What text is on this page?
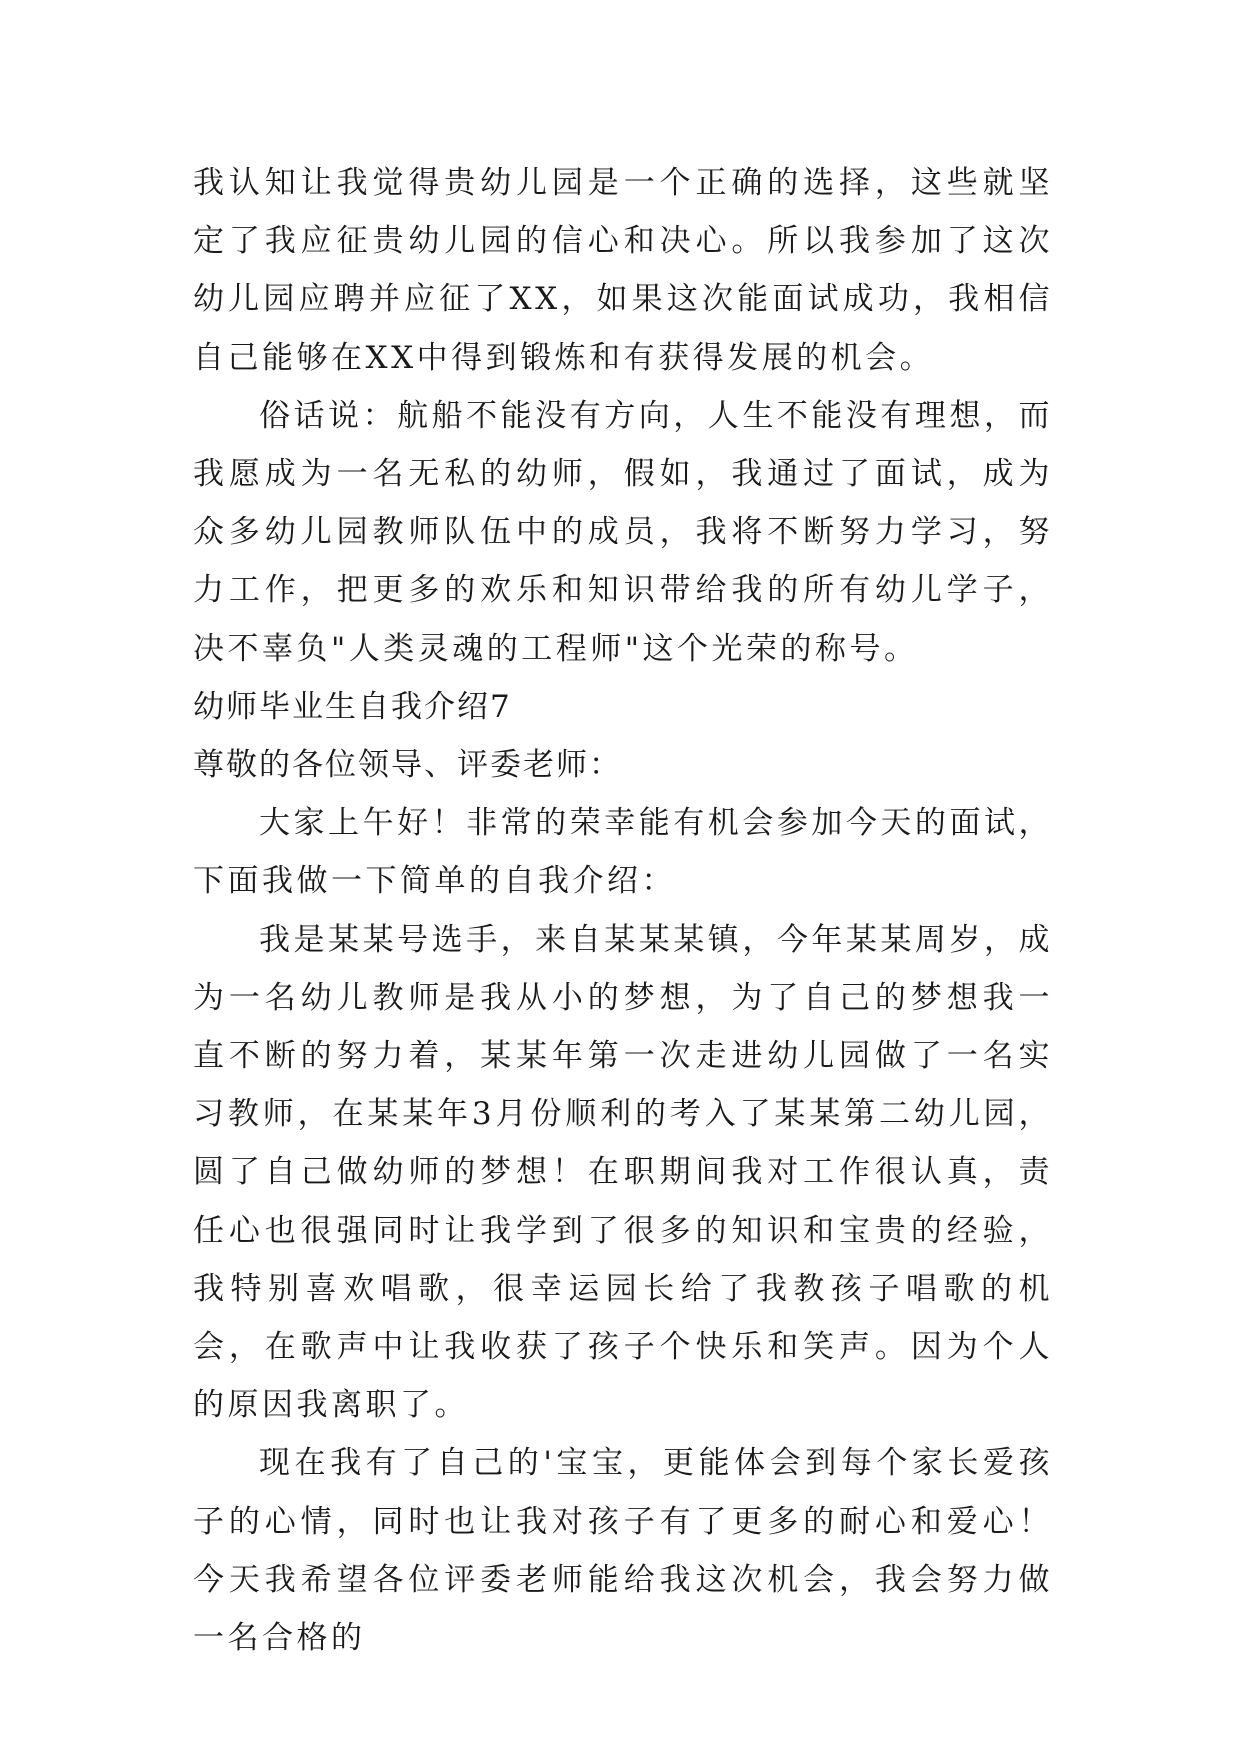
我认知让我觉得贵幼儿园是一个正确的选择，这些就坚定了我应征贵幼儿园的信心和决心。所以我参加了这次幼儿园应聘并应征了XX，如果这次能面试成功，我相信自己能够在XX中得到锻炼和有获得发展的机会。

俗话说：航船不能没有方向，人生不能没有理想，而我愿成为一名无私的幼师，假如，我通过了面试，成为众多幼儿园教师队伍中的成员，我将不断努力学习，努力工作，把更多的欢乐和知识带给我的所有幼儿学子，决不辜负"人类灵魂的工程师"这个光荣的称号。

幼师毕业生自我介绍7

尊敬的各位领导、评委老师：

大家上午好！非常的荣幸能有机会参加今天的面试，下面我做一下简单的自我介绍：

我是某某号选手，来自某某某镇，今年某某周岁，成为一名幼儿教师是我从小的梦想，为了自己的梦想我一直不断的努力着，某某年第一次走进幼儿园做了一名实习教师，在某某年3月份顺利的考入了某某第二幼儿园，圆了自己做幼师的梦想！在职期间我对工作很认真，责任心也很强同时让我学到了很多的知识和宝贵的经验，我特别喜欢唱歌，很幸运园长给了我教孩子唱歌的机会，在歌声中让我收获了孩子个快乐和笑声。因为个人的原因我离职了。

现在我有了自己的'宝宝，更能体会到每个家长爱孩子的心情，同时也让我对孩子有了更多的耐心和爱心！今天我希望各位评委老师能给我这次机会，我会努力做一名合格的
